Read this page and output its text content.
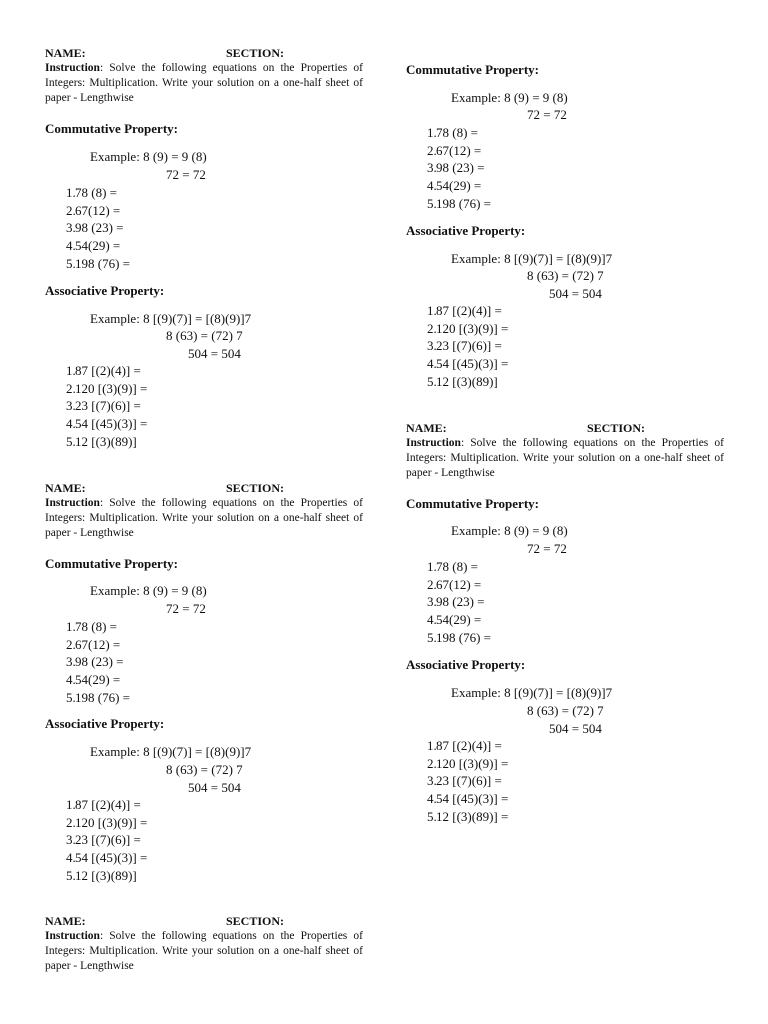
NAME:	SECTION:
Instruction: Solve the following equations on the Properties of Integers: Multiplication. Write your solution on a one-half sheet of paper - Lengthwise
Commutative Property:
Example: 8 (9) = 9 (8)
72 = 72
1. 78 (8) =
2. 67(12) =
3. 98 (23) =
4. 54(29) =
5. 198 (76) =
Associative Property:
Example: 8 [(9)(7)] = [(8)(9)]7
8 (63) = (72) 7
504 = 504
1. 87 [(2)(4)] =
2. 120 [(3)(9)] =
3. 23 [(7)(6)] =
4. 54 [(45)(3)] =
5. 12 [(3)(89)]
NAME:	SECTION:
Instruction: Solve the following equations on the Properties of Integers: Multiplication. Write your solution on a one-half sheet of paper - Lengthwise
Commutative Property:
Example: 8 (9) = 9 (8)
72 = 72
1. 78 (8) =
2. 67(12) =
3. 98 (23) =
4. 54(29) =
5. 198 (76) =
Associative Property:
Example: 8 [(9)(7)] = [(8)(9)]7
8 (63) = (72) 7
504 = 504
1. 87 [(2)(4)] =
2. 120 [(3)(9)] =
3. 23 [(7)(6)] =
4. 54 [(45)(3)] =
5. 12 [(3)(89)]
NAME:	SECTION:
Instruction: Solve the following equations on the Properties of Integers: Multiplication. Write your solution on a one-half sheet of paper - Lengthwise
Commutative Property:
Example: 8 (9) = 9 (8)
72 = 72
1. 78 (8) =
2. 67(12) =
3. 98 (23) =
4. 54(29) =
5. 198 (76) =
Associative Property:
Example: 8 [(9)(7)] = [(8)(9)]7
8 (63) = (72) 7
504 = 504
1. 87 [(2)(4)] =
2. 120 [(3)(9)] =
3. 23 [(7)(6)] =
4. 54 [(45)(3)] =
5. 12 [(3)(89)]
NAME:	SECTION:
Instruction: Solve the following equations on the Properties of Integers: Multiplication. Write your solution on a one-half sheet of paper - Lengthwise
Commutative Property:
Example: 8 (9) = 9 (8)
72 = 72
1. 78 (8) =
2. 67(12) =
3. 98 (23) =
4. 54(29) =
5. 198 (76) =
Associative Property:
Example: 8 [(9)(7)] = [(8)(9)]7
8 (63) = (72) 7
504 = 504
1. 87 [(2)(4)] =
2. 120 [(3)(9)] =
3. 23 [(7)(6)] =
4. 54 [(45)(3)] =
5. 12 [(3)(89)] =
